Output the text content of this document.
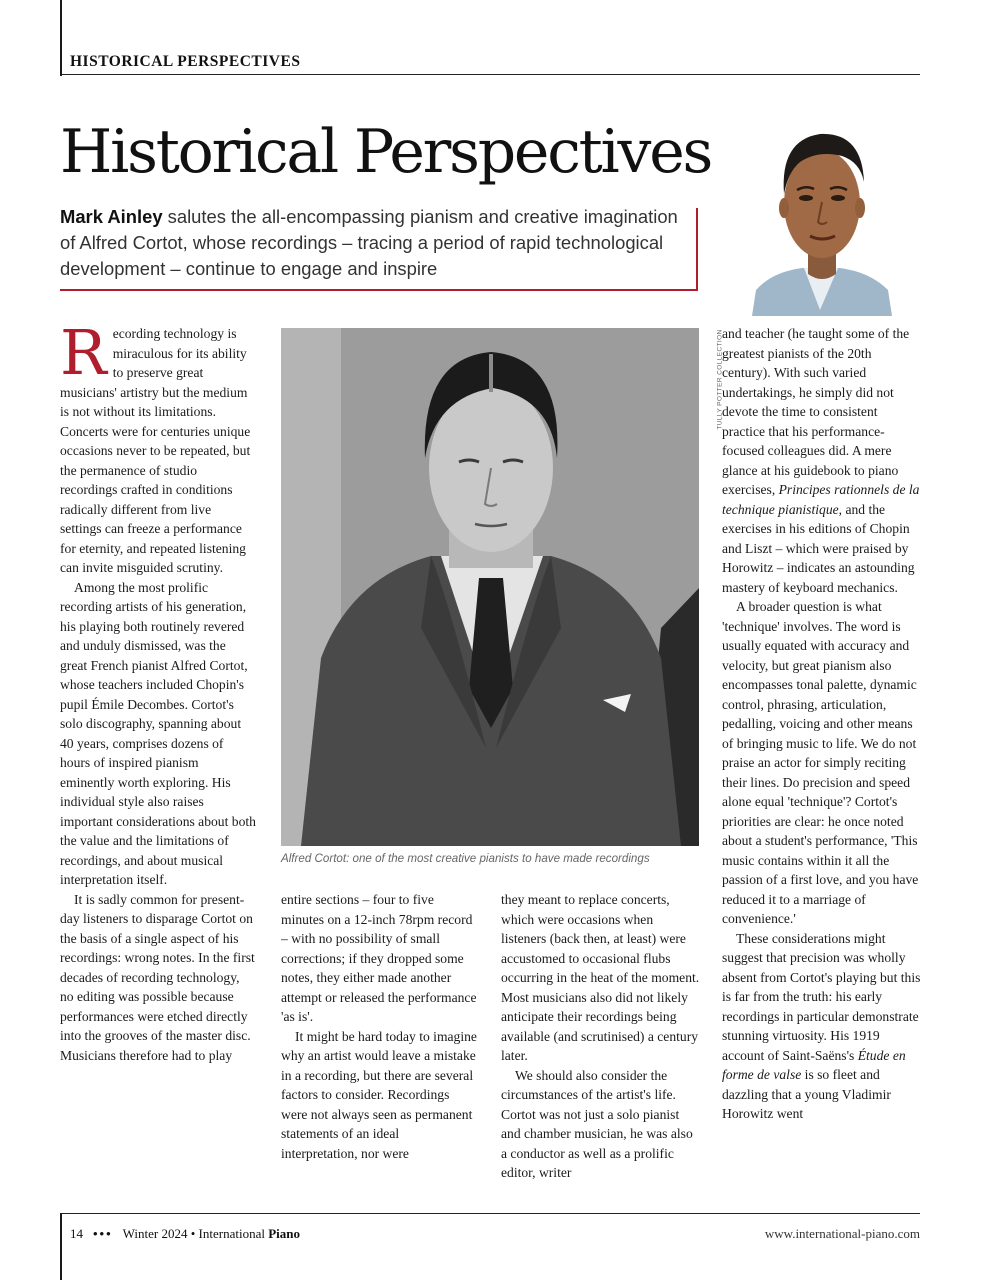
HISTORICAL PERSPECTIVES
Historical Perspectives
Mark Ainley salutes the all-encompassing pianism and creative imagination of Alfred Cortot, whose recordings – tracing a period of rapid technological development – continue to engage and inspire

Recording technology is miraculous for its ability to preserve great musicians' artistry but the medium is not without its limitations. Concerts were for centuries unique occasions never to be repeated, but the permanence of studio recordings crafted in conditions radically different from live settings can freeze a performance for eternity, and repeated listening can invite misguided scrutiny.

Among the most prolific recording artists of his generation, his playing both routinely revered and unduly dismissed, was the great French pianist Alfred Cortot, whose teachers included Chopin's pupil Émile Decombes. Cortot's solo discography, spanning about 40 years, comprises dozens of hours of inspired pianism eminently worth exploring. His individual style also raises important considerations about both the value and the limitations of recordings, and about musical interpretation itself.

It is sadly common for present-day listeners to disparage Cortot on the basis of a single aspect of his recordings: wrong notes. In the first decades of recording technology, no editing was possible because performances were etched directly into the grooves of the master disc. Musicians therefore had to play

TULLY POTTER COLLECTION
Alfred Cortot: one of the most creative pianists to have made recordings

entire sections – four to five minutes on a 12-inch 78rpm record – with no possibility of small corrections; if they dropped some notes, they either made another attempt or released the performance 'as is'.

It might be hard today to imagine why an artist would leave a mistake in a recording, but there are several factors to consider. Recordings were not always seen as permanent statements of an ideal interpretation, nor were

they meant to replace concerts, which were occasions when listeners (back then, at least) were accustomed to occasional flubs occurring in the heat of the moment. Most musicians also did not likely anticipate their recordings being available (and scrutinised) a century later.

We should also consider the circumstances of the artist's life. Cortot was not just a solo pianist and chamber musician, he was also a conductor as well as a prolific editor, writer

and teacher (he taught some of the greatest pianists of the 20th century). With such varied undertakings, he simply did not devote the time to consistent practice that his performance-focused colleagues did. A mere glance at his guidebook to piano exercises, Principes rationnels de la technique pianistique, and the exercises in his editions of Chopin and Liszt – which were praised by Horowitz – indicates an astounding mastery of keyboard mechanics.

A broader question is what 'technique' involves. The word is usually equated with accuracy and velocity, but great pianism also encompasses tonal palette, dynamic control, phrasing, articulation, pedalling, voicing and other means of bringing music to life. We do not praise an actor for simply reciting their lines. Do precision and speed alone equal 'technique'? Cortot's priorities are clear: he once noted about a student's performance, 'This music contains within it all the passion of a first love, and you have reduced it to a marriage of convenience.'

These considerations might suggest that precision was wholly absent from Cortot's playing but this is far from the truth: his early recordings in particular demonstrate stunning virtuosity. His 1919 account of Saint-Saëns's Étude en forme de valse is so fleet and dazzling that a young Vladimir Horowitz went

14 ••• Winter 2024 • International Piano	www.international-piano.com
